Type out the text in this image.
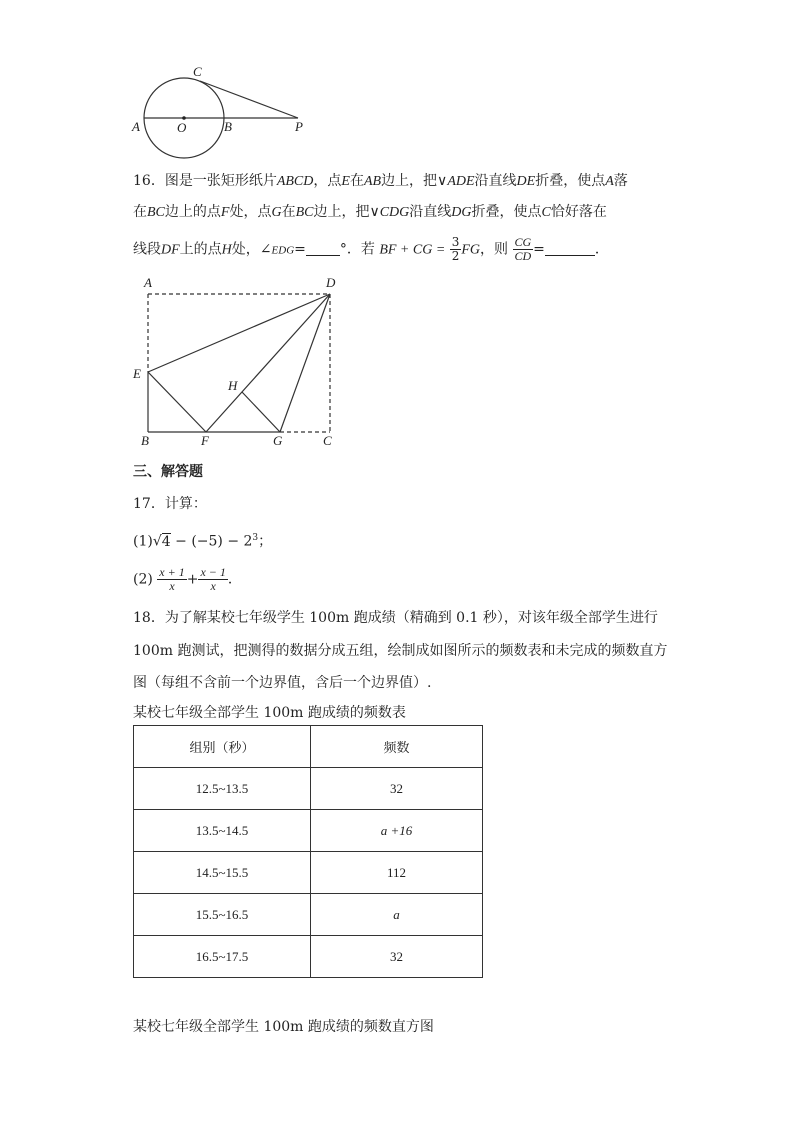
A	O	B
C
P
16．图是一张矩形纸片ABCD，点E在AB边上，把∨ADE沿直线DE折叠，使点A落
在BC边上的点F处，点G在BC边上，把∨CDG沿直线DG折叠，使点C恰好落在
线段DF上的点H处，∠EDG= °．若 BF + CG = $\frac{3}{2}$ FG，则 $\frac{CG}{CD}$ =	．
A	D
E
H
B	F	G	C
三、解答题
17．计算：
$(1)√4 - (-5) - 2^3$；
$(2) \frac{x + 1}{x} + \frac{x - 1}{x}$ ．
18．为了解某校七年级学生 100m 跑成绩（精确到 0.1 秒），对该年级全部学生进行
100m 跑测试，把测得的数据分成五组，绘制成如图所示的频数表和未完成的频数直方
图（每组不含前一个边界值，含后一个边界值）.
某校七年级全部学生 100m 跑成绩的频数表
组别（秒）	频数
12.5~13.5	32
13.5~14.5	a +16
14.5~15.5	112
15.5~16.5	a
16.5~17.5	32
某校七年级全部学生 100m 跑成绩的频数直方图
